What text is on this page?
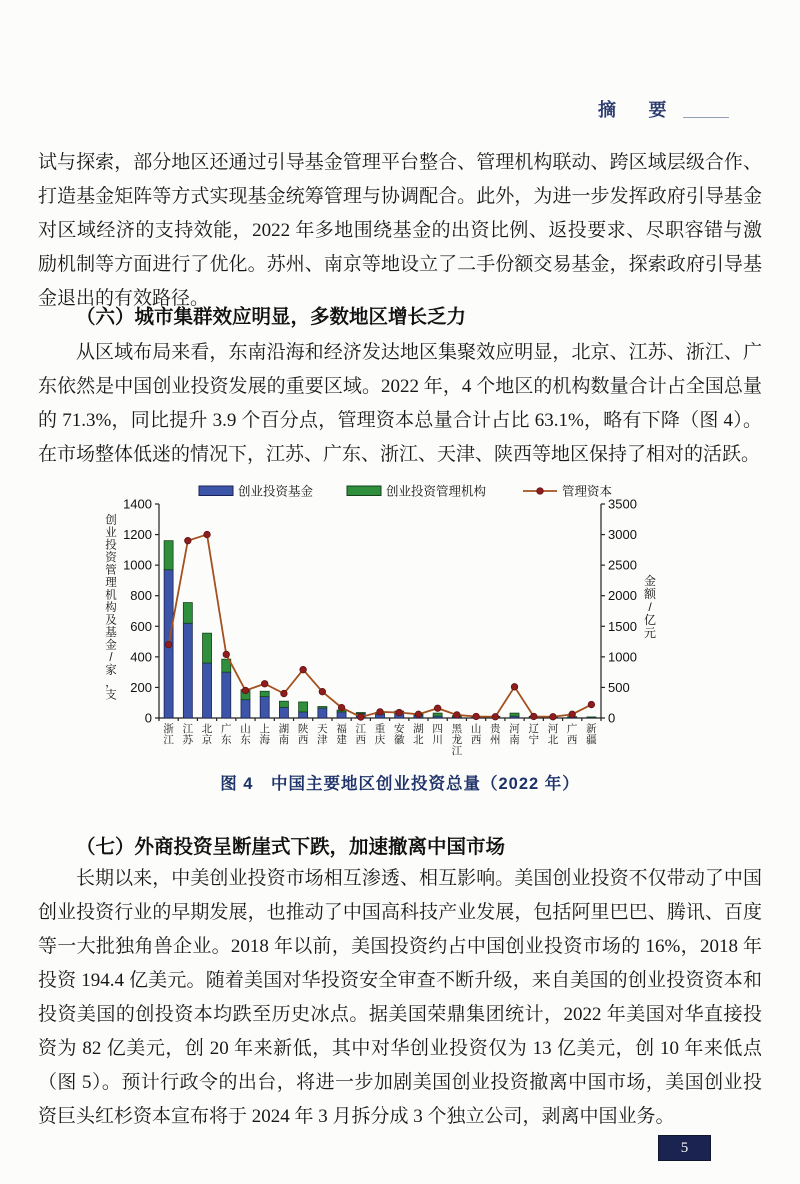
摘 要

试与探索，部分地区还通过引导基金管理平台整合、管理机构联动、跨区域层级合作、打造基金矩阵等方式实现基金统筹管理与协调配合。此外，为进一步发挥政府引导基金对区域经济的支持效能，2022 年多地围绕基金的出资比例、返投要求、尽职容错与激励机制等方面进行了优化。苏州、南京等地设立了二手份额交易基金，探索政府引导基金退出的有效路径。

（六）城市集群效应明显，多数地区增长乏力

从区域布局来看，东南沿海和经济发达地区集聚效应明显，北京、江苏、浙江、广东依然是中国创业投资发展的重要区域。2022 年，4 个地区的机构数量合计占全国总量的 71.3%，同比提升 3.9 个百分点，管理资本总量合计占比 63.1%，略有下降（图 4）。在市场整体低迷的情况下，江苏、广东、浙江、天津、陕西等地区保持了相对的活跃。

0
200
400
600
800
1000
1200
1400
0
500
1000
1500
2000
2500
3000
3500
创业投资管理机构及基金/家，支
金额/亿元
浙江
江苏
北京
广东
山东
上海
湖南
陕西
天津
福建
江西
重庆
安徽
湖北
四川
黑龙江
山西
贵州
河南
辽宁
河北
广西
新疆
创业投资基金	创业投资管理机构	管理资本
图 4　中国主要地区创业投资总量（2022 年）
（七）外商投资呈断崖式下跌，加速撤离中国市场

长期以来，中美创业投资市场相互渗透、相互影响。美国创业投资不仅带动了中国创业投资行业的早期发展，也推动了中国高科技产业发展，包括阿里巴巴、腾讯、百度等一大批独角兽企业。2018 年以前，美国投资约占中国创业投资市场的 16%，2018 年投资 194.4 亿美元。随着美国对华投资安全审查不断升级，来自美国的创业投资资本和投资美国的创投资本均跌至历史冰点。据美国荣鼎集团统计，2022 年美国对华直接投资为 82 亿美元，创 20 年来新低，其中对华创业投资仅为 13 亿美元，创 10 年来低点（图 5）。预计行政令的出台，将进一步加剧美国创业投资撤离中国市场，美国创业投资巨头红杉资本宣布将于 2024 年 3 月拆分成 3 个独立公司，剥离中国业务。

5
